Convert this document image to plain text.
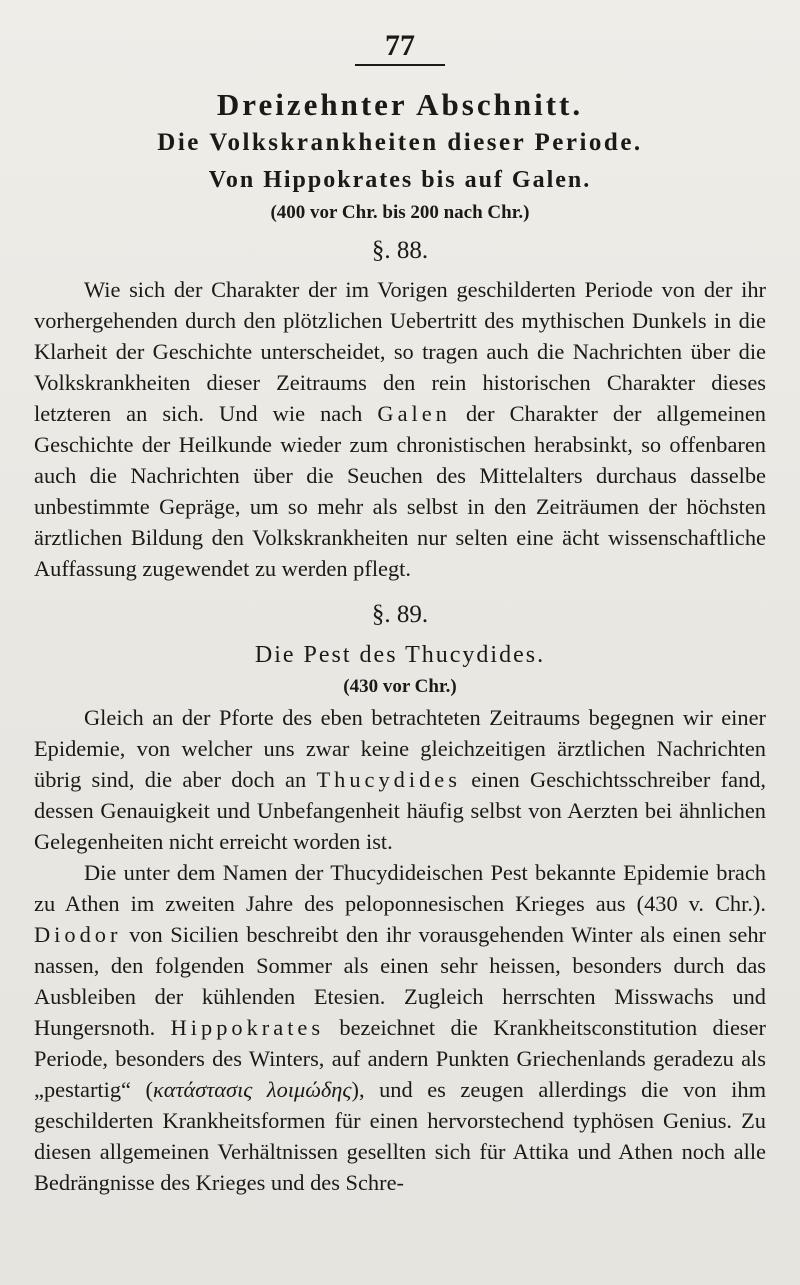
77
Dreizehnter Abschnitt.
Die Volkskrankheiten dieser Periode.
Von Hippokrates bis auf Galen.
(400 vor Chr. bis 200 nach Chr.)
§. 88.

Wie sich der Charakter der im Vorigen geschilderten Periode von der ihr vorhergehenden durch den plötzlichen Uebertritt des mythischen Dunkels in die Klarheit der Geschichte unterscheidet, so tragen auch die Nachrichten über die Volkskrankheiten dieser Zeitraums den rein historischen Charakter dieses letzteren an sich. Und wie nach Galen der Charakter der allgemeinen Geschichte der Heilkunde wieder zum chronistischen herabsinkt, so offenbaren auch die Nachrichten über die Seuchen des Mittelalters durchaus dasselbe unbestimmte Gepräge, um so mehr als selbst in den Zeiträumen der höchsten ärztlichen Bildung den Volkskrankheiten nur selten eine ächt wissenschaftliche Auffassung zugewendet zu werden pflegt.

§. 89.
Die Pest des Thucydides.
(430 vor Chr.)

Gleich an der Pforte des eben betrachteten Zeitraums begegnen wir einer Epidemie, von welcher uns zwar keine gleichzeitigen ärztlichen Nachrichten übrig sind, die aber doch an Thucydides einen Geschichtsschreiber fand, dessen Genauigkeit und Unbefangenheit häufig selbst von Aerzten bei ähnlichen Gelegenheiten nicht erreicht worden ist.

Die unter dem Namen der Thucydideischen Pest bekannte Epidemie brach zu Athen im zweiten Jahre des peloponnesischen Krieges aus (430 v. Chr.). Diodor von Sicilien beschreibt den ihr vorausgehenden Winter als einen sehr nassen, den folgenden Sommer als einen sehr heissen, besonders durch das Ausbleiben der kühlenden Etesien. Zugleich herrschten Misswachs und Hungersnoth. Hippokrates bezeichnet die Krankheitsconstitution dieser Periode, besonders des Winters, auf andern Punkten Griechenlands geradezu als „pestartig“ (κατάστασις λοιμώδης), und es zeugen allerdings die von ihm geschilderten Krankheitsformen für einen hervorstechend typhösen Genius. Zu diesen allgemeinen Verhältnissen gesellten sich für Attika und Athen noch alle Bedrängnisse des Krieges und des Schre-
